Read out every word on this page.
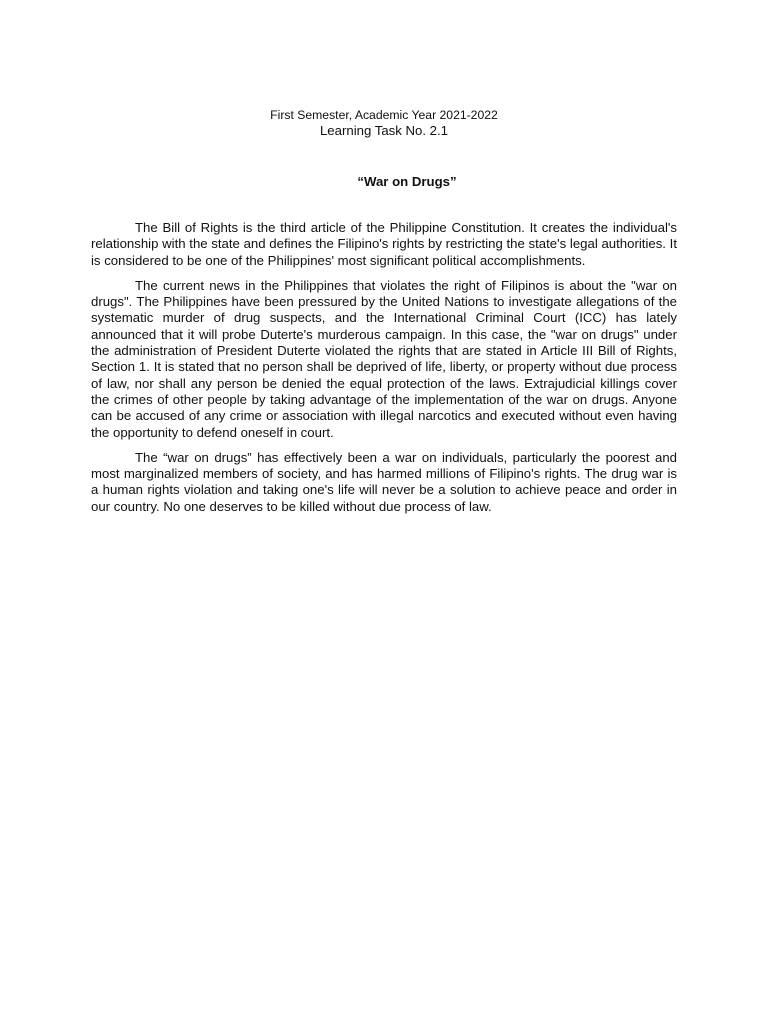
First Semester, Academic Year 2021-2022
Learning Task No. 2.1
“War on Drugs”

The Bill of Rights is the third article of the Philippine Constitution. It creates the individual's relationship with the state and defines the Filipino's rights by restricting the state's legal authorities. It is considered to be one of the Philippines' most significant political accomplishments.

The current news in the Philippines that violates the right of Filipinos is about the "war on drugs". The Philippines have been pressured by the United Nations to investigate allegations of the systematic murder of drug suspects, and the International Criminal Court (ICC) has lately announced that it will probe Duterte's murderous campaign. In this case, the "war on drugs" under the administration of President Duterte violated the rights that are stated in Article III Bill of Rights, Section 1. It is stated that no person shall be deprived of life, liberty, or property without due process of law, nor shall any person be denied the equal protection of the laws. Extrajudicial killings cover the crimes of other people by taking advantage of the implementation of the war on drugs. Anyone can be accused of any crime or association with illegal narcotics and executed without even having the opportunity to defend oneself in court.

The “war on drugs” has effectively been a war on individuals, particularly the poorest and most marginalized members of society, and has harmed millions of Filipino's rights. The drug war is a human rights violation and taking one's life will never be a solution to achieve peace and order in our country. No one deserves to be killed without due process of law.
